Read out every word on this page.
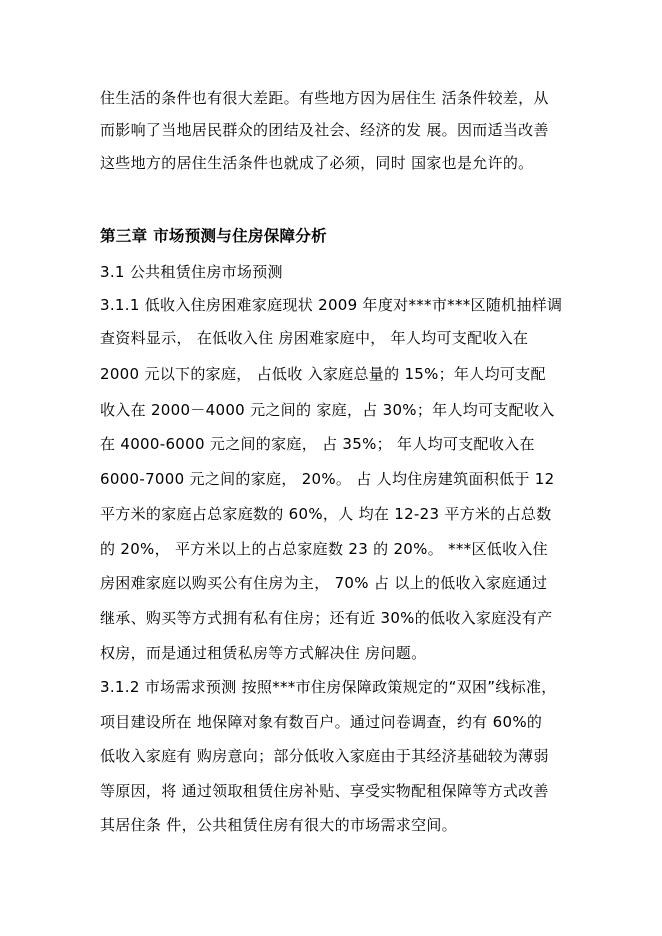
住生活的条件也有很大差距。有些地方因为居住生 活条件较差，从
而影响了当地居民群众的团结及社会、经济的发 展。因而适当改善
这些地方的居住生活条件也就成了必须，同时 国家也是允许的。
第三章 市场预测与住房保障分析
3.1 公共租赁住房市场预测
3.1.1 低收入住房困难家庭现状 2009 年度对***市***区随机抽样调
查资料显示， 在低收入住 房困难家庭中， 年人均可支配收入在
2000 元以下的家庭， 占低收 入家庭总量的 15%；年人均可支配
收入在 2000－4000 元之间的 家庭，占 30%；年人均可支配收入
在 4000-6000 元之间的家庭， 占 35%； 年人均可支配收入在
6000-7000 元之间的家庭， 20%。 占 人均住房建筑面积低于 12
平方米的家庭占总家庭数的 60%，人 均在 12-23 平方米的占总数
的 20%， 平方米以上的占总家庭数 23 的 20%。 ***区低收入住
房困难家庭以购买公有住房为主， 70% 占 以上的低收入家庭通过
继承、购买等方式拥有私有住房；还有近 30%的低收入家庭没有产
权房，而是通过租赁私房等方式解决住 房问题。
3.1.2 市场需求预测 按照***市住房保障政策规定的“双困”线标准，
项目建设所在 地保障对象有数百户。通过问卷调查，约有 60%的
低收入家庭有 购房意向；部分低收入家庭由于其经济基础较为薄弱
等原因，将 通过领取租赁住房补贴、享受实物配租保障等方式改善
其居住条 件，公共租赁住房有很大的市场需求空间。
